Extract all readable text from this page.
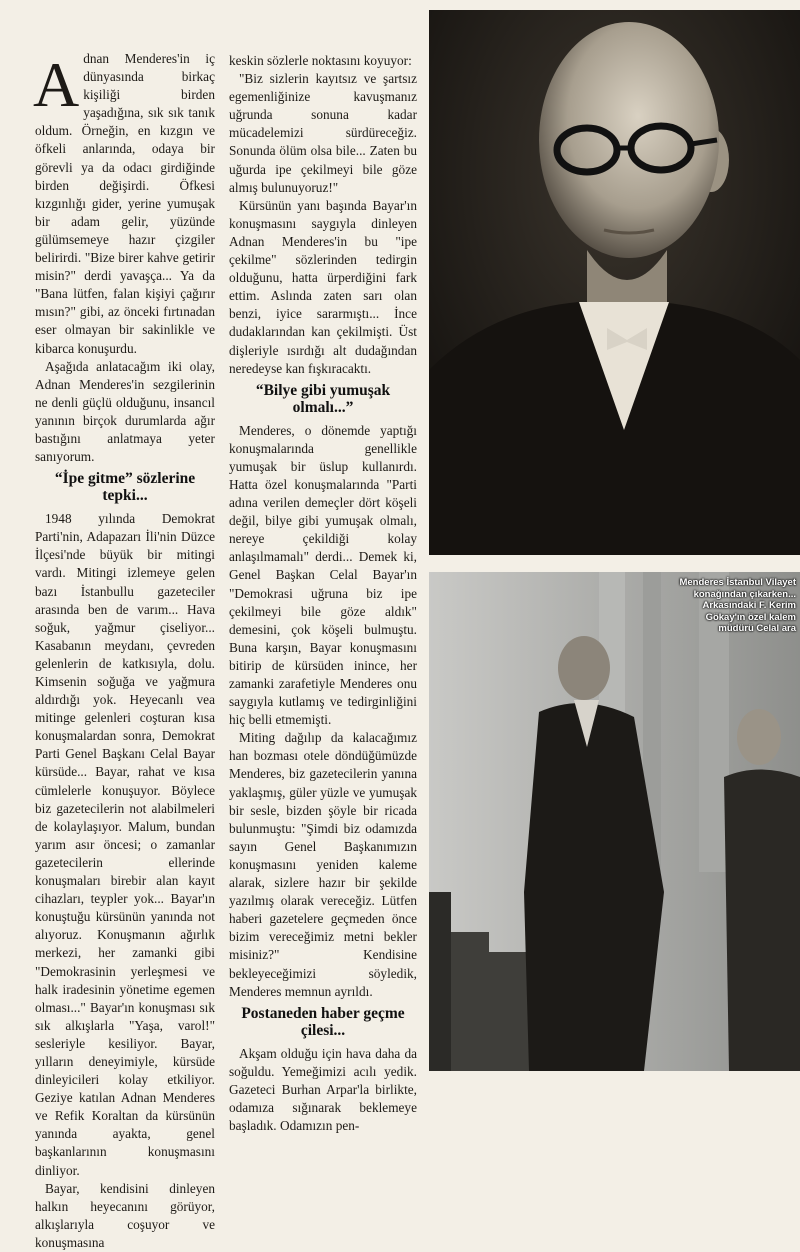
Adnan Menderes'in iç dünyasında birkaç kişiliği birden yaşadığına, sık sık tanık oldum. Örneğin, en kızgın ve öfkeli anlarında, odaya bir görevli ya da odacı girdiğinde birden değişirdi. Öfkesi kızgınlığı gider, yerine yumuşak bir adam gelir, yüzünde gülümsemeye hazır çizgiler belirirdi. "Bize birer kahve getirir misin?" derdi yavaşça... Ya da "Bana lütfen, falan kişiyi çağırır mısın?" gibi, az önceki fırtınadan eser olmayan bir sakinlikle ve kibarca konuşurdu.

Aşağıda anlatacağım iki olay, Adnan Menderes'in sezgilerinin ne denli güçlü olduğunu, insancıl yanının birçok durumlarda ağır bastığını anlatmaya yeter sanıyorum.

“İpe gitme” sözlerine tepki...

1948 yılında Demokrat Parti'nin, Adapazarı İli'nin Düzce İlçesi'nde büyük bir mitingi vardı. Mitingi izlemeye gelen bazı İstanbullu gazeteciler arasında ben de varım... Hava soğuk, yağmur çiseliyor... Kasabanın meydanı, çevreden gelenlerin de katkısıyla, dolu. Kimsenin soğuğa ve yağmura aldırdığı yok. Heyecanlı vea mitinge gelenleri coşturan kısa konuşmalardan sonra, Demokrat Parti Genel Başkanı Celal Bayar kürsüde... Bayar, rahat ve kısa cümlelerle konuşuyor. Böylece biz gazetecilerin not alabilmeleri de kolaylaşıyor. Malum, bundan yarım asır öncesi; o zamanlar gazetecilerin ellerinde konuşmaları birebir alan kayıt cihazları, teypler yok... Bayar'ın konuştuğu kürsünün yanında not alıyoruz. Konuşmanın ağırlık merkezi, her zamanki gibi "Demokrasinin yerleşmesi ve halk iradesinin yönetime egemen olması..." Bayar'ın konuşması sık sık alkışlarla "Yaşa, varol!" sesleriyle kesiliyor. Bayar, yılların deneyimiyle, kürsüde dinleyicileri kolay etkiliyor. Geziye katılan Adnan Menderes ve Refik Koraltan da kürsünün yanında ayakta, genel başkanlarının konuşmasını dinliyor.

Bayar, kendisini dinleyen halkın heyecanını görüyor, alkışlarıyla coşuyor ve konuşmasına

keskin sözlerle noktasını koyuyor:

"Biz sizlerin kayıtsız ve şartsız egemenliğinize kavuşmanız uğrunda sonuna kadar mücadelemizi sürdüreceğiz. Sonunda ölüm olsa bile... Zaten bu uğurda ipe çekilmeyi bile göze almış bulunuyoruz!"

Kürsünün yanı başında Bayar'ın konuşmasını saygıyla dinleyen Adnan Menderes'in bu "ipe çekilme" sözlerinden tedirgin olduğunu, hatta ürperdiğini fark ettim. Aslında zaten sarı olan benzi, iyice sararmıştı... İnce dudaklarından kan çekilmişti. Üst dişleriyle ısırdığı alt dudağından neredeyse kan fışkıracaktı.

“Bilye gibi yumuşak olmalı...”

Menderes, o dönemde yaptığı konuşmalarında genellikle yumuşak bir üslup kullanırdı. Hatta özel konuşmalarında "Parti adına verilen demeçler dört köşeli değil, bilye gibi yumuşak olmalı, nereye çekildiği kolay anlaşılmamalı" derdi... Demek ki, Genel Başkan Celal Bayar'ın "Demokrasi uğruna biz ipe çekilmeyi bile göze aldık" demesini, çok köşeli bulmuştu. Buna karşın, Bayar konuşmasını bitirip de kürsüden inince, her zamanki zarafetiyle Menderes onu saygıyla kutlamış ve tedirginliğini hiç belli etmemişti.

Miting dağılıp da kalacağımız han bozması otele döndüğümüzde Menderes, biz gazetecilerin yanına yaklaşmış, güler yüzle ve yumuşak bir sesle, bizden şöyle bir ricada bulunmuştu: "Şimdi biz odamızda sayın Genel Başkanımızın konuşmasını yeniden kaleme alarak, sizlere hazır bir şekilde yazılmış olarak vereceğiz. Lütfen haberi gazetelere geçmeden önce bizim vereceğimiz metni bekler misiniz?" Kendisine bekleyeceğimizi söyledik, Menderes memnun ayrıldı.

Postaneden haber geçme çilesi...

Akşam olduğu için hava daha da soğuldu. Yemeğimizi acılı yedik. Gazeteci Burhan Arpar'la birlikte, odamıza sığınarak beklemeye başladık. Odamızın pen-

Menderes İstanbul Vilayet konağından çıkarken... Arkasındaki F. Kerim Gökay'ın özel kalem müdürü Celal ara
